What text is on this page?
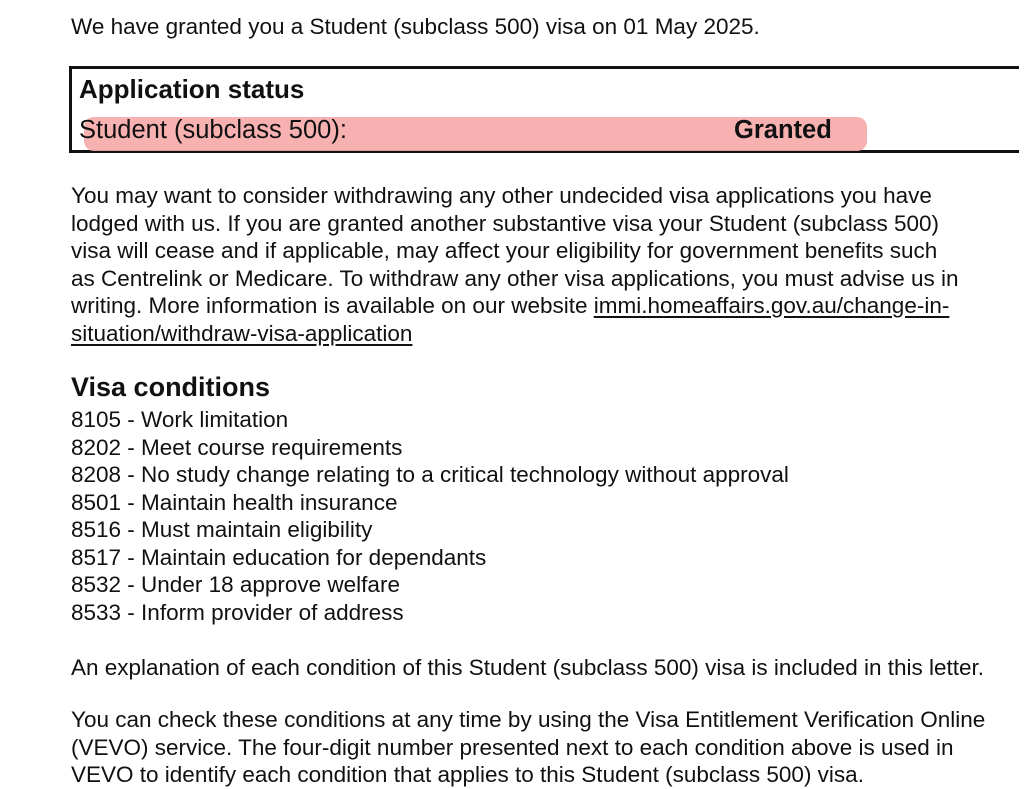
We have granted you a Student (subclass 500) visa on 01 May 2025.

Application status
Student (subclass 500):	Granted

You may want to consider withdrawing any other undecided visa applications you have
lodged with us. If you are granted another substantive visa your Student (subclass 500)
visa will cease and if applicable, may affect your eligibility for government benefits such
as Centrelink or Medicare. To withdraw any other visa applications, you must advise us in
writing. More information is available on our website immi.homeaffairs.gov.au/change-in-
situation/withdraw-visa-application

Visa conditions
8105 - Work limitation
8202 - Meet course requirements
8208 - No study change relating to a critical technology without approval
8501 - Maintain health insurance
8516 - Must maintain eligibility
8517 - Maintain education for dependants
8532 - Under 18 approve welfare
8533 - Inform provider of address

An explanation of each condition of this Student (subclass 500) visa is included in this letter.

You can check these conditions at any time by using the Visa Entitlement Verification Online
(VEVO) service. The four-digit number presented next to each condition above is used in
VEVO to identify each condition that applies to this Student (subclass 500) visa.
